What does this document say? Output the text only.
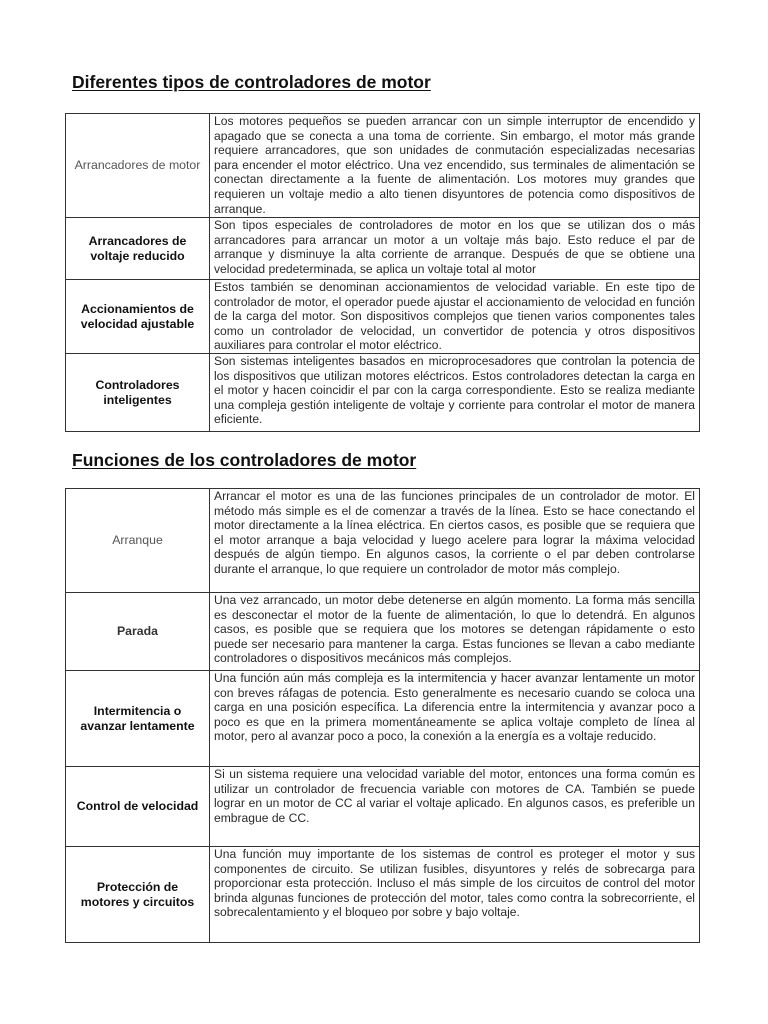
Diferentes tipos de controladores de motor
Arrancadores de motor	Los motores pequeños se pueden arrancar con un simple interruptor de encendido y apagado que se conecta a una toma de corriente. Sin embargo, el motor más grande requiere arrancadores, que son unidades de conmutación especializadas necesarias para encender el motor eléctrico. Una vez encendido, sus terminales de alimentación se conectan directamente a la fuente de alimentación. Los motores muy grandes que requieren un voltaje medio a alto tienen disyuntores de potencia como dispositivos de arranque.
Arrancadores de voltaje reducido	Son tipos especiales de controladores de motor en los que se utilizan dos o más arrancadores para arrancar un motor a un voltaje más bajo. Esto reduce el par de arranque y disminuye la alta corriente de arranque. Después de que se obtiene una velocidad predeterminada, se aplica un voltaje total al motor
Accionamientos de velocidad ajustable	Estos también se denominan accionamientos de velocidad variable. En este tipo de controlador de motor, el operador puede ajustar el accionamiento de velocidad en función de la carga del motor. Son dispositivos complejos que tienen varios componentes tales como un controlador de velocidad, un convertidor de potencia y otros dispositivos auxiliares para controlar el motor eléctrico.
Controladores inteligentes	Son sistemas inteligentes basados en microprocesadores que controlan la potencia de los dispositivos que utilizan motores eléctricos. Estos controladores detectan la carga en el motor y hacen coincidir el par con la carga correspondiente. Esto se realiza mediante una compleja gestión inteligente de voltaje y corriente para controlar el motor de manera eficiente.
Funciones de los controladores de motor
Arranque	Arrancar el motor es una de las funciones principales de un controlador de motor. El método más simple es el de comenzar a través de la línea. Esto se hace conectando el motor directamente a la línea eléctrica. En ciertos casos, es posible que se requiera que el motor arranque a baja velocidad y luego acelere para lograr la máxima velocidad después de algún tiempo. En algunos casos, la corriente o el par deben controlarse durante el arranque, lo que requiere un controlador de motor más complejo.
Parada	Una vez arrancado, un motor debe detenerse en algún momento. La forma más sencilla es desconectar el motor de la fuente de alimentación, lo que lo detendrá. En algunos casos, es posible que se requiera que los motores se detengan rápidamente o esto puede ser necesario para mantener la carga. Estas funciones se llevan a cabo mediante controladores o dispositivos mecánicos más complejos.
Intermitencia o avanzar lentamente	Una función aún más compleja es la intermitencia y hacer avanzar lentamente un motor con breves ráfagas de potencia. Esto generalmente es necesario cuando se coloca una carga en una posición específica. La diferencia entre la intermitencia y avanzar poco a poco es que en la primera momentáneamente se aplica voltaje completo de línea al motor, pero al avanzar poco a poco, la conexión a la energía es a voltaje reducido.
Control de velocidad	Si un sistema requiere una velocidad variable del motor, entonces una forma común es utilizar un controlador de frecuencia variable con motores de CA. También se puede lograr en un motor de CC al variar el voltaje aplicado. En algunos casos, es preferible un embrague de CC.
Protección de motores y circuitos	Una función muy importante de los sistemas de control es proteger el motor y sus componentes de circuito. Se utilizan fusibles, disyuntores y relés de sobrecarga para proporcionar esta protección. Incluso el más simple de los circuitos de control del motor brinda algunas funciones de protección del motor, tales como contra la sobrecorriente, el sobrecalentamiento y el bloqueo por sobre y bajo voltaje.
